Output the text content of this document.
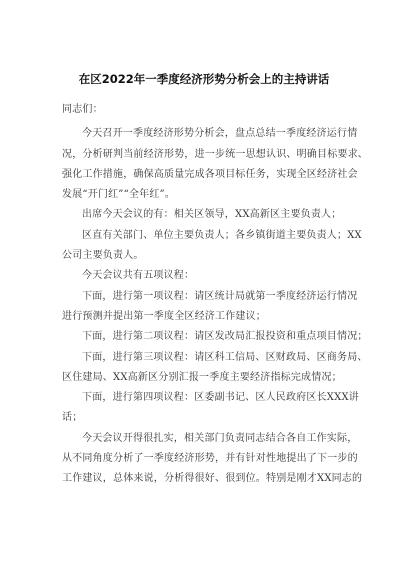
在区2022年一季度经济形势分析会上的主持讲话
同志们：
今天召开一季度经济形势分析会，盘点总结一季度经济运行情
况，分析研判当前经济形势，进一步统一思想认识、明确目标要求、
强化工作措施，确保高质量完成各项目标任务，实现全区经济社会
发展“开门红”“全年红”。
出席今天会议的有：相关区领导，XX高新区主要负责人；
区直有关部门、单位主要负责人；各乡镇街道主要负责人；XX
公司主要负责人。
今天会议共有五项议程：
下面，进行第一项议程：请区统计局就第一季度经济运行情况
进行预测并提出第一季度全区经济工作建议；
下面，进行第二项议程：请区发改局汇报投资和重点项目情况；
下面，进行第三项议程：请区科工信局、区财政局、区商务局、
区住建局、XX高新区分别汇报一季度主要经济指标完成情况；
下面，进行第四项议程：区委副书记、区人民政府区长XXX讲
话；
今天会议开得很扎实，相关部门负责同志结合各自工作实际，
从不同角度分析了一季度经济形势，并有针对性地提出了下一步的
工作建议，总体来说，分析得很好、很到位。特别是刚才XX同志的
